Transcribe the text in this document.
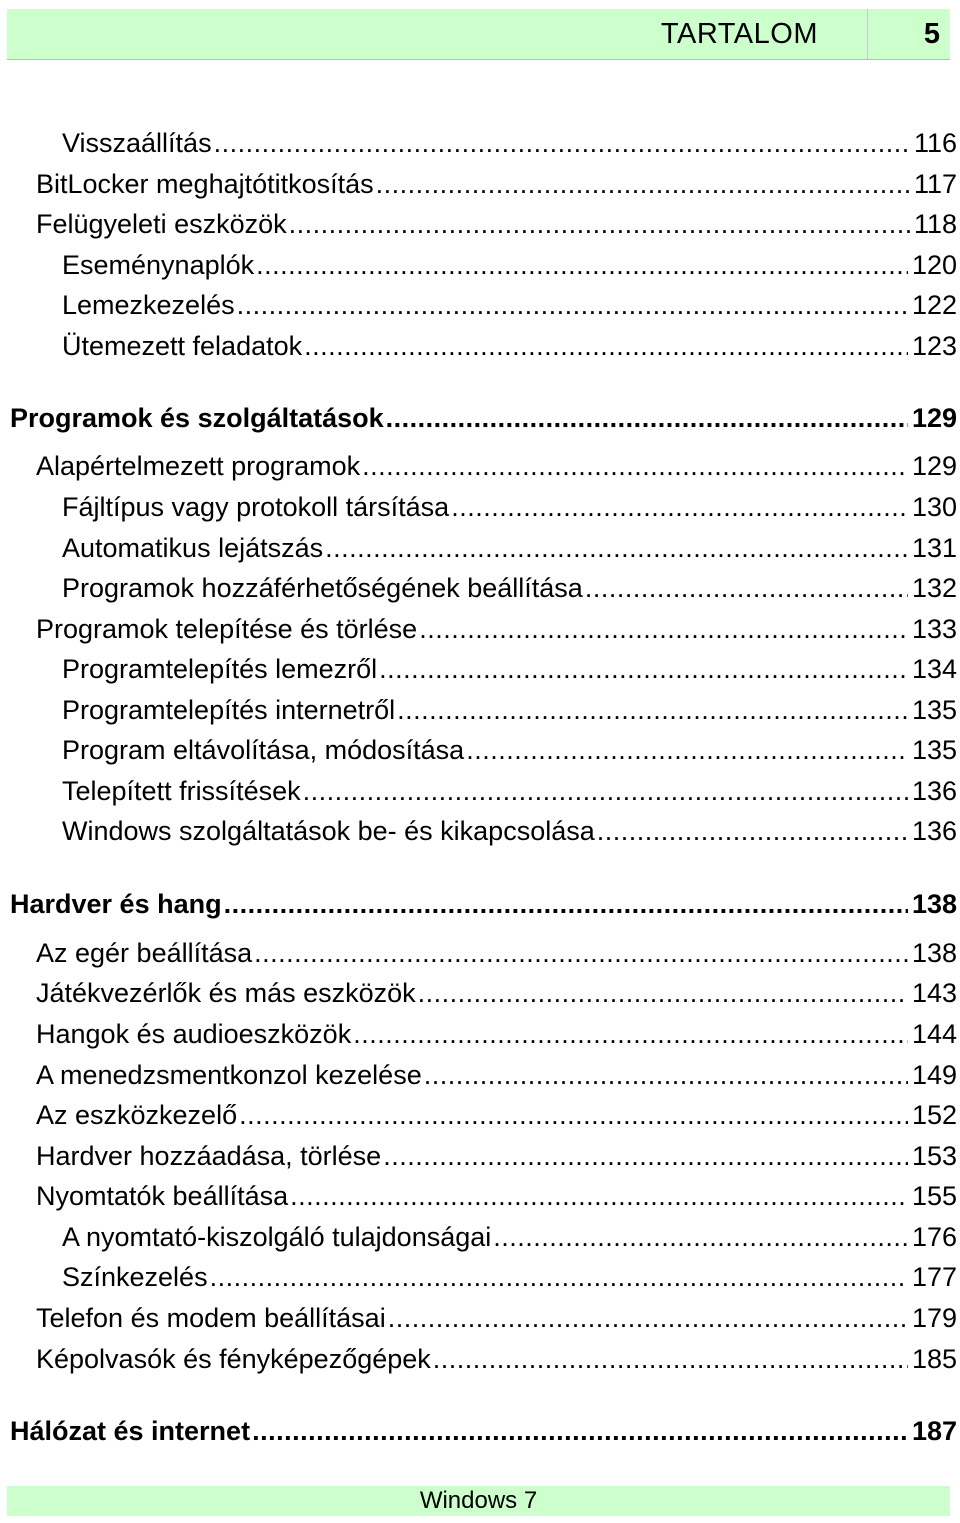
TARTALOM	5
Visszaállítás .....	116
BitLocker meghajtótitkosítás .....	117
Felügyeleti eszközök .....	118
Eseménynaplók .....	120
Lemezkezelés .....	122
Ütemezett feladatok .....	123
Programok és szolgáltatások .....	129
Alapértelmezett programok .....	129
Fájltípus vagy protokoll társítása .....	130
Automatikus lejátszás .....	131
Programok hozzáférhetőségének beállítása .....	132
Programok telepítése és törlése .....	133
Programtelepítés lemezről .....	134
Programtelepítés internetről .....	135
Program eltávolítása, módosítása .....	135
Telepített frissítések .....	136
Windows szolgáltatások be- és kikapcsolása .....	136
Hardver és hang .....	138
Az egér beállítása .....	138
Játékvezérlők és más eszközök .....	143
Hangok és audioeszközök .....	144
A menedzsmentkonzol kezelése .....	149
Az eszközkezelő .....	152
Hardver hozzáadása, törlése .....	153
Nyomtatók beállítása .....	155
A nyomtató-kiszolgáló tulajdonságai .....	176
Színkezelés .....	177
Telefon és modem beállításai .....	179
Képolvasók és fényképezőgépek .....	185
Hálózat és internet .....	187
Windows 7
